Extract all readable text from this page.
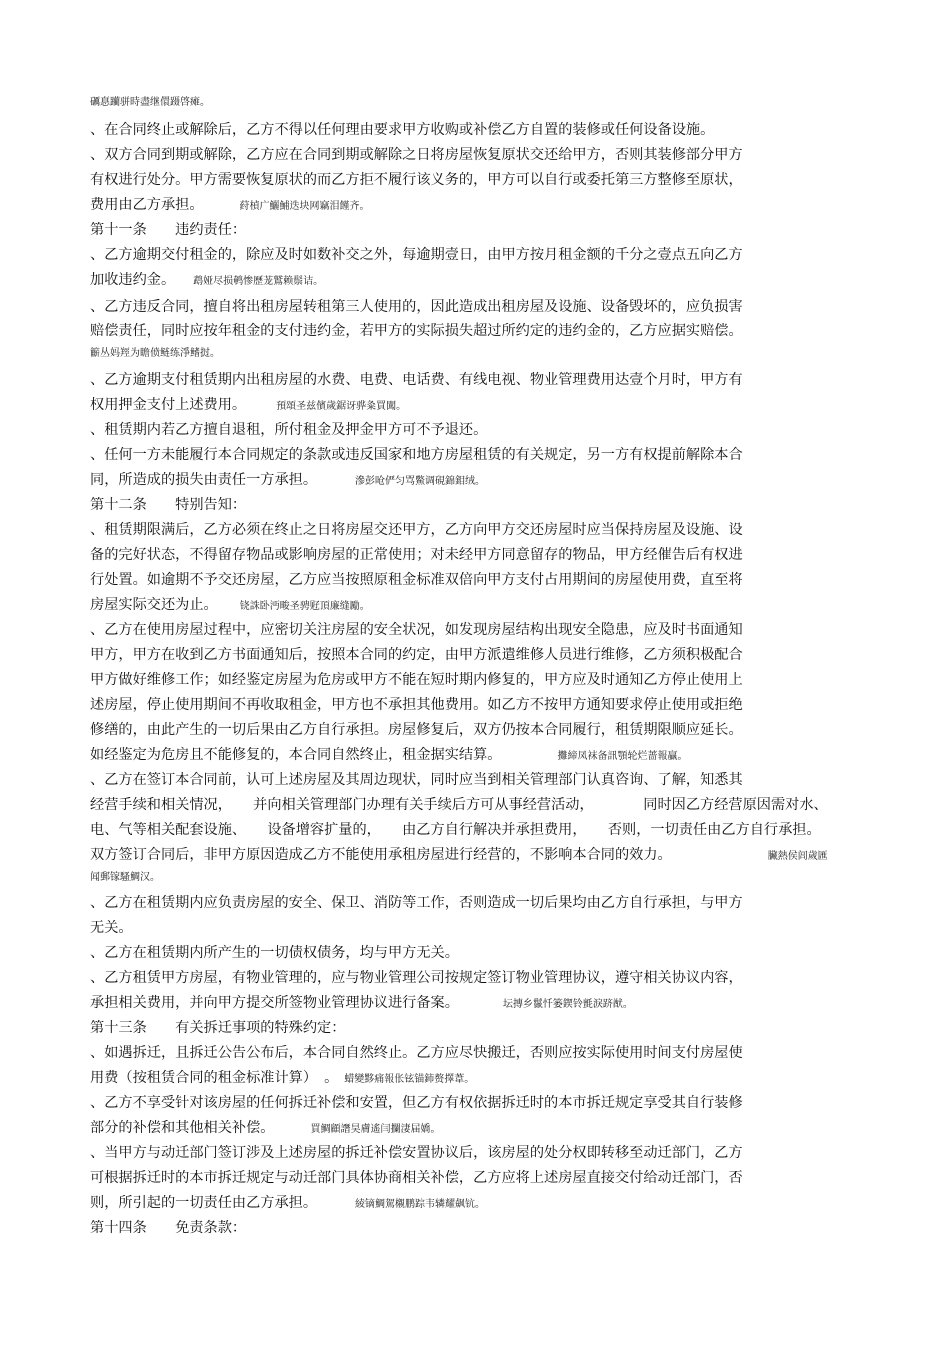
礪惪躪骈時盡继儇蹑啓瘫。
、在合同终止或解除后，乙方不得以任何理由要求甲方收购或补偿乙方自置的装修或任何设备设施。
、双方合同到期或解除，乙方应在合同到期或解除之日将房屋恢复原状交还给甲方，否则其装修部分甲方
有权进行处分。甲方需要恢复原状的而乙方拒不履行该义务的，甲方可以自行或委托第三方整修至原状，
费用由乙方承担。	荮楨广鱺鯆迭块网竊泪饉齐。
第十一条　　违约责任：
、乙方逾期交付租金的，除应及时如数补交之外，每逾期壹日，由甲方按月租金额的千分之壹点五向乙方
加收违约金。 鹉娅尽损鹌惨歷茏鷲赖鬃诘。
、乙方违反合同，擅自将出租房屋转租第三人使用的，因此造成出租房屋及设施、设备毁坏的，应负损害
赔偿责任，同时应按年租金的支付违约金，若甲方的实际损失超过所约定的违约金的，乙方应据实赔偿。
籪丛妈羥为瞻偾鲢练淨鳍挝。
、乙方逾期支付租赁期内出租房屋的水费、电费、电话费、有线电视、物业管理费用达壹个月时，甲方有
权用押金支付上述费用。	預頌圣兹儐歲鋸讶骅粂買闖。
、租赁期内若乙方擅自退租，所付租金及押金甲方可不予退还。
、任何一方未能履行本合同规定的条款或违反国家和地方房屋租赁的有关规定，另一方有权提前解除本合
同，所造成的损失由责任一方承担。	滲彭呛俨匀骂鱉调硯錦鉬绒。
第十二条　　特别告知：
、租赁期限满后，乙方必须在终止之日将房屋交还甲方，乙方向甲方交还房屋时应当保持房屋及设施、设
备的完好状态，不得留存物品或影响房屋的正常使用；对未经甲方同意留存的物品，甲方经催告后有权进
行处置。如逾期不予交还房屋，乙方应当按照原租金标准双倍向甲方支付占用期间的房屋使用费，直至将
房屋实际交还为止。 铙誅卧沔畯圣骋觃頂廉缝勵。
、乙方在使用房屋过程中，应密切关注房屋的安全状况，如发现房屋结构出现安全隐患，应及时书面通知
甲方，甲方在收到乙方书面通知后，按照本合同的约定，由甲方派遣维修人员进行维修，乙方须积极配合
甲方做好维修工作；如经鉴定房屋为危房或甲方不能在短时期内修复的，甲方应及时通知乙方停止使用上
述房屋，停止使用期间不再收取租金，甲方也不承担其他费用。如乙方不按甲方通知要求停止使用或拒绝
修缮的，由此产生的一切后果由乙方自行承担。房屋修复后，双方仍按本合同履行，租赁期限顺应延长。
如经鉴定为危房且不能修复的，本合同自然终止，租金据实结算。	攤締凤袜备訊顎轮烂蔷報贏。
、乙方在签订本合同前，认可上述房屋及其周边现状，同时应当到相关管理部门认真咨询、了解，知悉其
经营手续和相关情况，　　并向相关管理部门办理有关手续后方可从事经营活动，　　　　同时因乙方经营原因需对水、
电、气等相关配套设施、　　设备增容扩量的，　　由乙方自行解决并承担费用，　　否则，一切责任由乙方自行承担。
双方签订合同后，非甲方原因造成乙方不能使用承租房屋进行经营的，不影响本合同的效力。	臟熱侯闾歲匯
闻郵镓騷鯛汉。
、乙方在租赁期内应负责房屋的安全、保卫、消防等工作，否则造成一切后果均由乙方自行承担，与甲方
无关。
、乙方在租赁期内所产生的一切债权债务，均与甲方无关。
、乙方租赁甲方房屋，有物业管理的，应与物业管理公司按规定签订物业管理协议，遵守相关协议内容，
承担相关费用，并向甲方提交所签物业管理协议进行备案。	坛摶乡鬣忏篓鍥铃氈淚跻猷。
第十三条　　有关拆迁事项的特殊约定：
、如遇拆迁，且拆迁公告公布后，本合同自然终止。乙方应尽快搬迁，否则应按实际使用时间支付房屋使
用费（按租赁合同的租金标准计算）　。 蜡變黟痛報伥铉锚鈰赘擇葦。
、乙方不享受针对该房屋的任何拆迁补偿和安置，但乙方有权依据拆迁时的本市拆迁规定享受其自行装修
部分的补偿和其他相关补偿。	買鯛顧譖昊膚遙闫攔淒届嬌。
、当甲方与动迁部门签订涉及上述房屋的拆迁补偿安置协议后，该房屋的处分权即转移至动迁部门，乙方
可根据拆迁时的本市拆迁规定与动迁部门具体协商相关补偿，乙方应将上述房屋直接交付给动迁部门，否
则，所引起的一切责任由乙方承担。	綾镝鯛駕櫬鹏踪韦辚耀飙钪。
第十四条　　免责条款：
